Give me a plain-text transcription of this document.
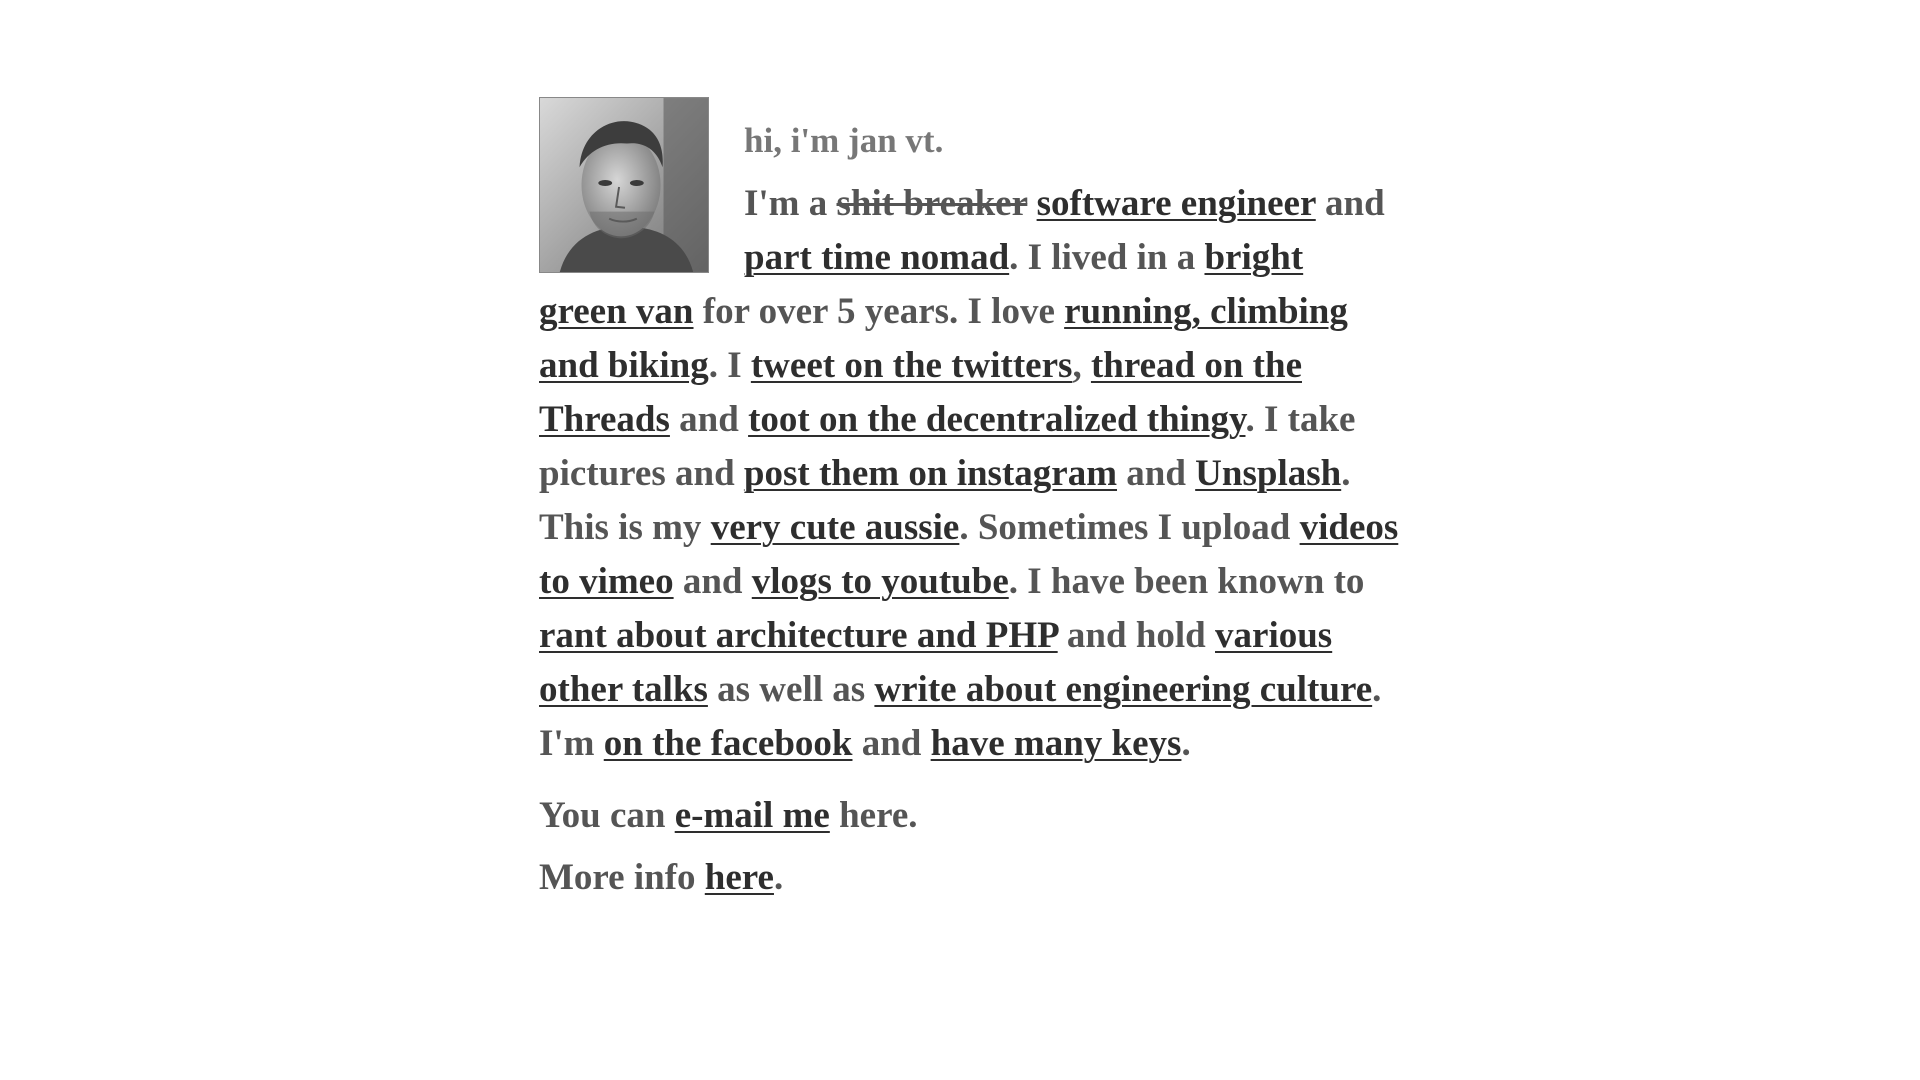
hi, i'm jan vt.

I'm a shit breaker software engineer and part time nomad. I lived in a bright green van for over 5 years. I love running, climbing and biking. I tweet on the twitters, thread on the Threads and toot on the decentralized thingy. I take pictures and post them on instagram and Unsplash. This is my very cute aussie. Sometimes I upload videos to vimeo and vlogs to youtube. I have been known to rant about architecture and PHP and hold various other talks as well as write about engineering culture. I'm on the facebook and have many keys.

You can e-mail me here.

More info here.
